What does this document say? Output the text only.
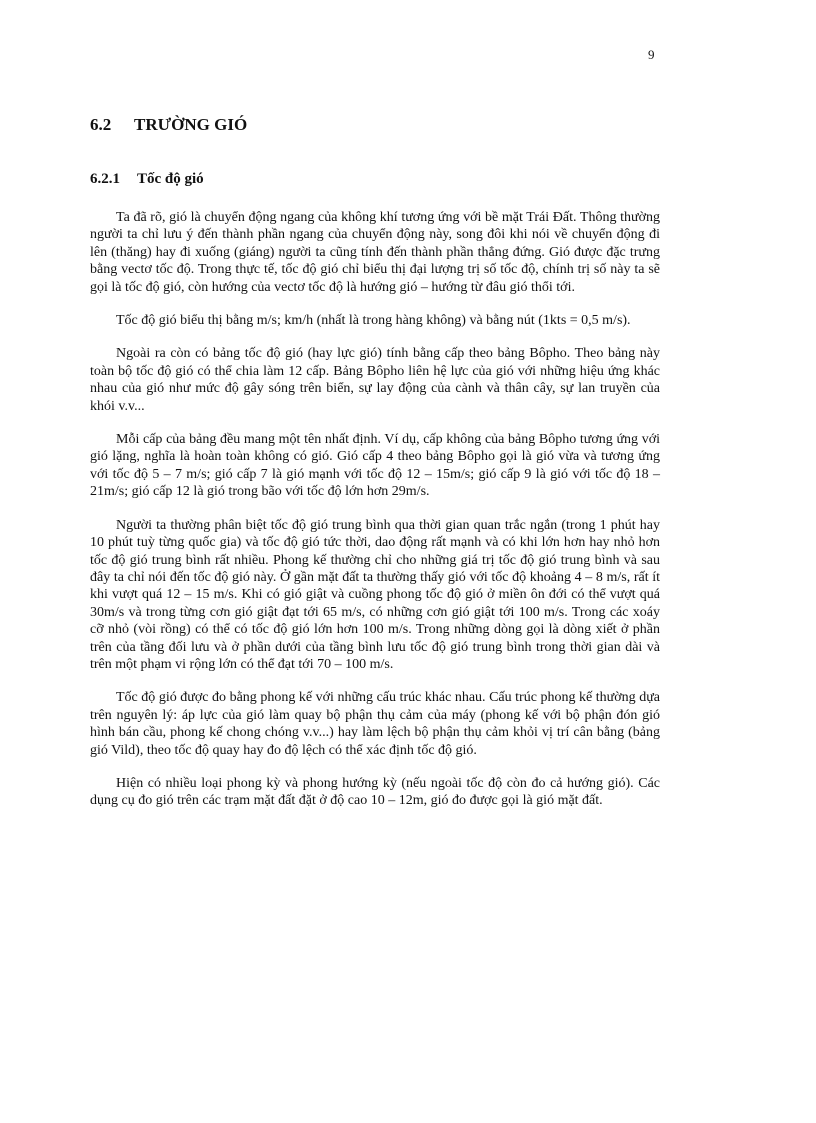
9
6.2 TRƯỜNG GIÓ
6.2.1 Tốc độ gió

Ta đã rõ, gió là chuyển động ngang của không khí tương ứng với bề mặt Trái Đất. Thông thường người ta chỉ lưu ý đến thành phần ngang của chuyển động này, song đôi khi nói về chuyển động đi lên (thăng) hay đi xuống (giáng) người ta cũng tính đến thành phần thẳng đứng. Gió được đặc trưng bằng vectơ tốc độ. Trong thực tế, tốc độ gió chỉ biểu thị đại lượng trị số tốc độ, chính trị số này ta sẽ gọi là tốc độ gió, còn hướng của vectơ tốc độ là hướng gió – hướng từ đâu gió thổi tới.

Tốc độ gió biểu thị bằng m/s; km/h (nhất là trong hàng không) và bằng nút (1kts = 0,5 m/s).

Ngoài ra còn có bảng tốc độ gió (hay lực gió) tính bằng cấp theo bảng Bôpho. Theo bảng này toàn bộ tốc độ gió có thể chia làm 12 cấp. Bảng Bôpho liên hệ lực của gió với những hiệu ứng khác nhau của gió như mức độ gây sóng trên biển, sự lay động của cành và thân cây, sự lan truyền của khói v.v...

Mỗi cấp của bảng đều mang một tên nhất định. Ví dụ, cấp không của bảng Bôpho tương ứng với gió lặng, nghĩa là hoàn toàn không có gió. Gió cấp 4 theo bảng Bôpho gọi là gió vừa và tương ứng với tốc độ 5 – 7 m/s; gió cấp 7 là gió mạnh với tốc độ 12 – 15m/s; gió cấp 9 là gió với tốc độ 18 – 21m/s; gió cấp 12 là gió trong bão với tốc độ lớn hơn 29m/s.

Người ta thường phân biệt tốc độ gió trung bình qua thời gian quan trắc ngắn (trong 1 phút hay 10 phút tuỳ từng quốc gia) và tốc độ gió tức thời, dao động rất mạnh và có khi lớn hơn hay nhỏ hơn tốc độ gió trung bình rất nhiều. Phong kế thường chỉ cho những giá trị tốc độ gió trung bình và sau đây ta chỉ nói đến tốc độ gió này. Ở gần mặt đất ta thường thấy gió với tốc độ khoảng 4 – 8 m/s, rất ít khi vượt quá 12 – 15 m/s. Khi có gió giật và cuồng phong tốc độ gió ở miền ôn đới có thể vượt quá 30m/s và trong từng cơn gió giật đạt tới 65 m/s, có những cơn gió giật tới 100 m/s. Trong các xoáy cỡ nhỏ (vòi rồng) có thể có tốc độ gió lớn hơn 100 m/s. Trong những dòng gọi là dòng xiết ở phần trên của tầng đối lưu và ở phần dưới của tầng bình lưu tốc độ gió trung bình trong thời gian dài và trên một phạm vi rộng lớn có thể đạt tới 70 – 100 m/s.

Tốc độ gió được đo bằng phong kế với những cấu trúc khác nhau. Cấu trúc phong kế thường dựa trên nguyên lý: áp lực của gió làm quay bộ phận thụ cảm của máy (phong kế với bộ phận đón gió hình bán cầu, phong kế chong chóng v.v...) hay làm lệch bộ phận thụ cảm khỏi vị trí cân bằng (bảng gió Vild), theo tốc độ quay hay đo độ lệch có thể xác định tốc độ gió.

Hiện có nhiều loại phong kỳ và phong hướng kỳ (nếu ngoài tốc độ còn đo cả hướng gió). Các dụng cụ đo gió trên các trạm mặt đất đặt ở độ cao 10 – 12m, gió đo được gọi là gió mặt đất.
